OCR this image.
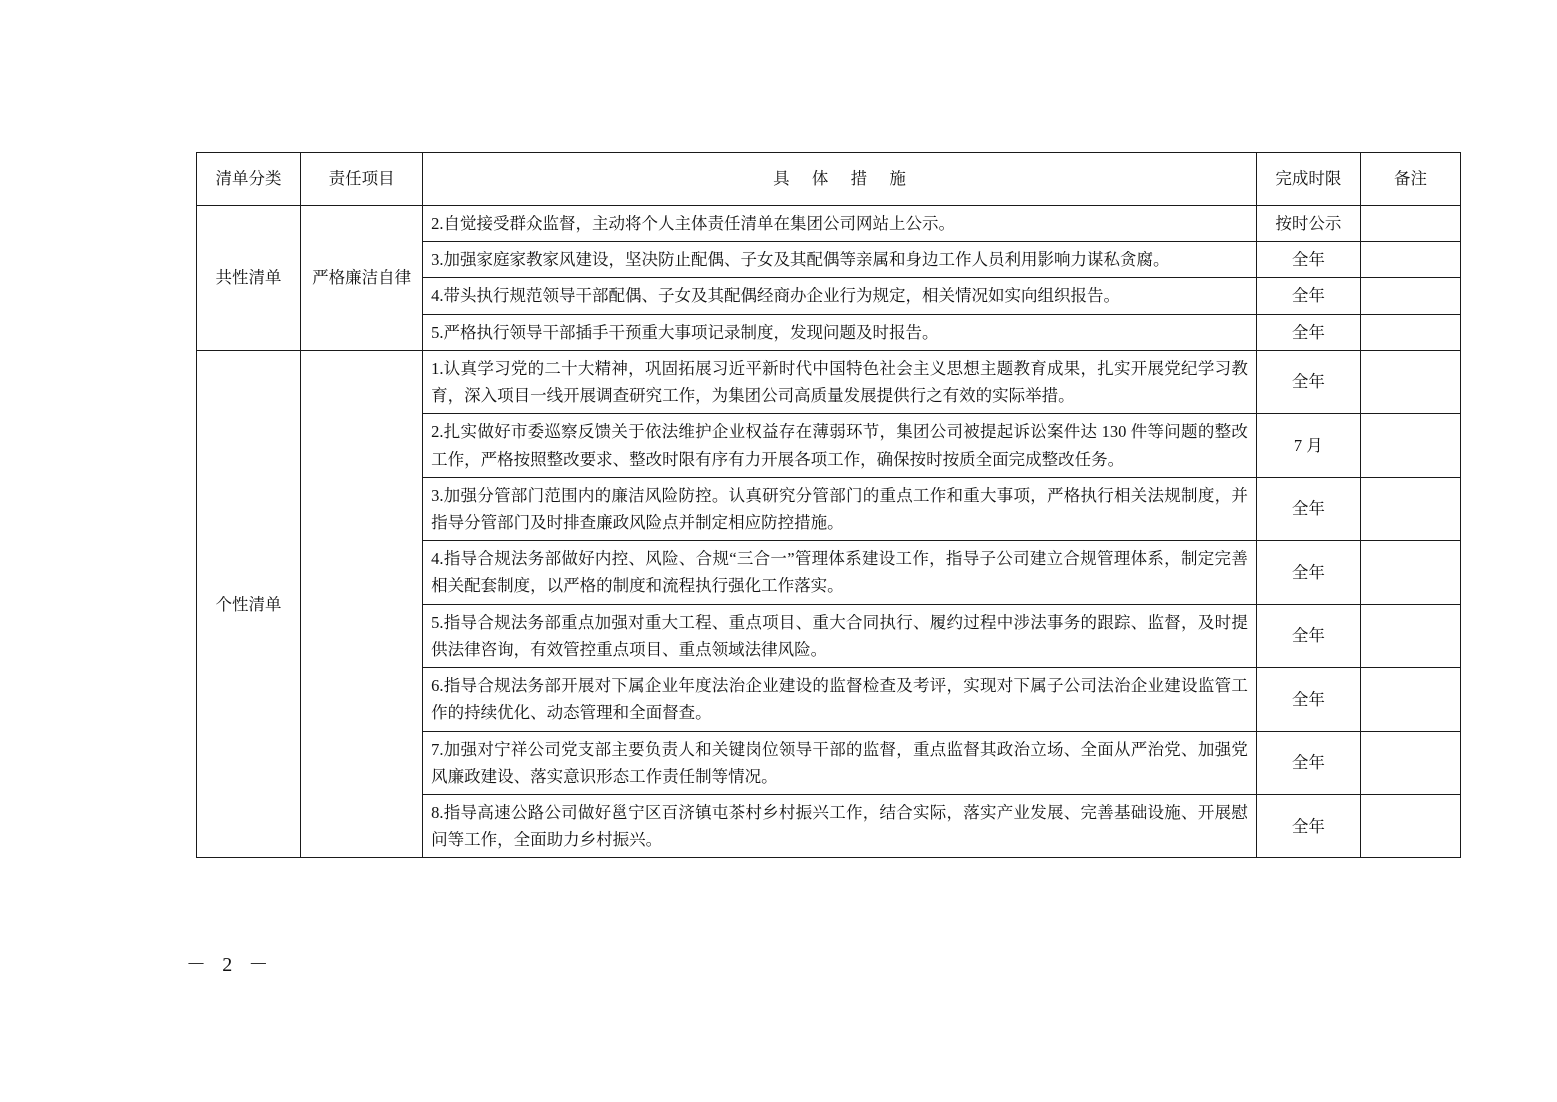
清单分类	责任项目	具 体 措 施	完成时限	备注
共性清单	严格廉洁自律	2.自觉接受群众监督，主动将个人主体责任清单在集团公司网站上公示。	按时公示	
		3.加强家庭家教家风建设，坚决防止配偶、子女及其配偶等亲属和身边工作人员利用影响力谋私贪腐。	全年	
		4.带头执行规范领导干部配偶、子女及其配偶经商办企业行为规定，相关情况如实向组织报告。	全年	
		5.严格执行领导干部插手干预重大事项记录制度，发现问题及时报告。	全年	
个性清单		1.认真学习党的二十大精神，巩固拓展习近平新时代中国特色社会主义思想主题教育成果，扎实开展党纪学习教育，深入项目一线开展调查研究工作，为集团公司高质量发展提供行之有效的实际举措。	全年	
		2.扎实做好市委巡察反馈关于依法维护企业权益存在薄弱环节，集团公司被提起诉讼案件达 130 件等问题的整改工作，严格按照整改要求、整改时限有序有力开展各项工作，确保按时按质全面完成整改任务。	7 月	
		3.加强分管部门范围内的廉洁风险防控。认真研究分管部门的重点工作和重大事项，严格执行相关法规制度，并指导分管部门及时排查廉政风险点并制定相应防控措施。	全年	
		4.指导合规法务部做好内控、风险、合规“三合一”管理体系建设工作，指导子公司建立合规管理体系，制定完善相关配套制度，以严格的制度和流程执行强化工作落实。	全年	
		5.指导合规法务部重点加强对重大工程、重点项目、重大合同执行、履约过程中涉法事务的跟踪、监督，及时提供法律咨询，有效管控重点项目、重点领域法律风险。	全年	
		6.指导合规法务部开展对下属企业年度法治企业建设的监督检查及考评，实现对下属子公司法治企业建设监管工作的持续优化、动态管理和全面督查。	全年	
		7.加强对宁祥公司党支部主要负责人和关键岗位领导干部的监督，重点监督其政治立场、全面从严治党、加强党风廉政建设、落实意识形态工作责任制等情况。	全年	
		8.指导高速公路公司做好邕宁区百济镇屯茶村乡村振兴工作，结合实际，落实产业发展、完善基础设施、开展慰问等工作，全面助力乡村振兴。	全年	
－ 2 －
